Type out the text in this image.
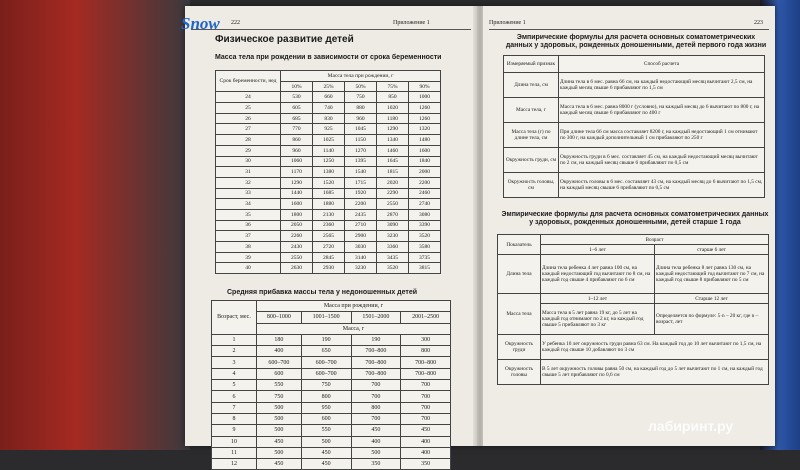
Snow 222	Приложение 1
Физическое развитие детей
Масса тела при рождении в зависимости от срока беременности
Срок беременности, нед	Масса тела при рождении, г				
	10%	25%	50%	75%	90%
24	530	660	750	850	1000
25	605	740	880	1020	1260
26	685	830	960	1180	1260
27	770	925	1045	1290	1320
28	860	1025	1150	1340	1480
29	960	1140	1270	1460	1600
30	1060	1250	1395	1645	1840
31	1170	1380	1540	1815	2000
32	1290	1520	1715	2020	2200
33	1440	1685	1920	2290	2460
34	1600	1880	2200	2550	2740
35	1800	2130	2435	2870	3080
36	2050	2360	2710	3090	3390
37	2260	2565	2900	3230	3520
38	2430	2720	3030	3360	3580
39	2550	2845	3140	3435	3735
40	2630	2930	3230	3520	3815
Средняя прибавка массы тела у недоношенных детей
Возраст, мес.	Масса при рождении, г			
	800–1000	1001–1500	1501–2000	2001–2500
	Масса, г			
1	180	190	190	300
2	400	650	700–800	800
3	600–700	600–700	700–800	700–800
4	600	600–700	700–800	700–800
5	550	750	700	700
6	750	800	700	700
7	500	950	800	700
8	500	600	700	700
9	500	550	450	450
10	450	500	400	400
11	500	450	500	400
12	450	450	350	350
Приложение 1	223
Эмпирические формулы для расчета основных соматометрических данных у здоровых, рожденных доношенными, детей первого года жизни
Измеряемый признак	Способ расчета
Длина тела, см	Длина тела в 6 мес. равна 66 см, на каждый недостающий месяц вычитают 2,5 см, на каждый месяц свыше 6 прибавляют по 1,5 см
Масса тела, г	Масса тела в 6 мес. равна 8000 г (условно), на каждый месяц до 6 вычитают по 800 г, на каждый месяц свыше 6 прибавляют по 400 г
Масса тела (г) по длине тела, см	При длине тела 66 см масса составляет 8200 г, на каждый недостающий 1 см отнимают по 300 г, на каждый дополнительный 1 см прибавляют по 250 г
Окружность груди, см	Окружность груди в 6 мес. составляет 45 см, на каждый недостающий месяц вычитают по 2 см, на каждый месяц свыше 6 прибавляют по 0,5 см
Окружность головы, см	Окружность головы в 6 мес. составляет 43 см, на каждый месяц до 6 вычитают по 1,5 см, на каждый месяц свыше 6 прибавляют по 0,5 см
Эмпирические формулы для расчета основных соматометрических данных у здоровых, рожденных доношенными, детей старше 1 года
Показатель	Возраст	
	1–6 лет	старше 6 лет
Длина тела	Длина тела ребенка 4 лет равна 100 см, на каждый недостающий год вычитают по 8 см, на каждый год свыше 4 прибавляют по 6 см	Длина тела ребенка 8 лет равна 130 см, на каждый недостающий год вычитают по 7 см, на каждый год свыше 8 прибавляют по 5 см
Масса тела	1–12 лет	Старше 12 лет
	Масса тела в 5 лет равна 19 кг, до 5 лет на каждый год отнимают по 2 кг, на каждый год свыше 5 прибавляют по 3 кг	Определяется по формуле: 5·n – 20 кг, где n – возраст, лет
Окружность груди	У ребенка 10 лет окружность груди равна 63 см. На каждый год до 10 лет вычитают по 1,5 см, на каждый год свыше 10 добавляют по 3 см	
Окружность головы	В 5 лет окружность головы равна 50 см, на каждый год до 5 лет вычитают по 1 см, на каждый год свыше 5 лет прибавляют по 0,6 см	
лабиринт.ру
